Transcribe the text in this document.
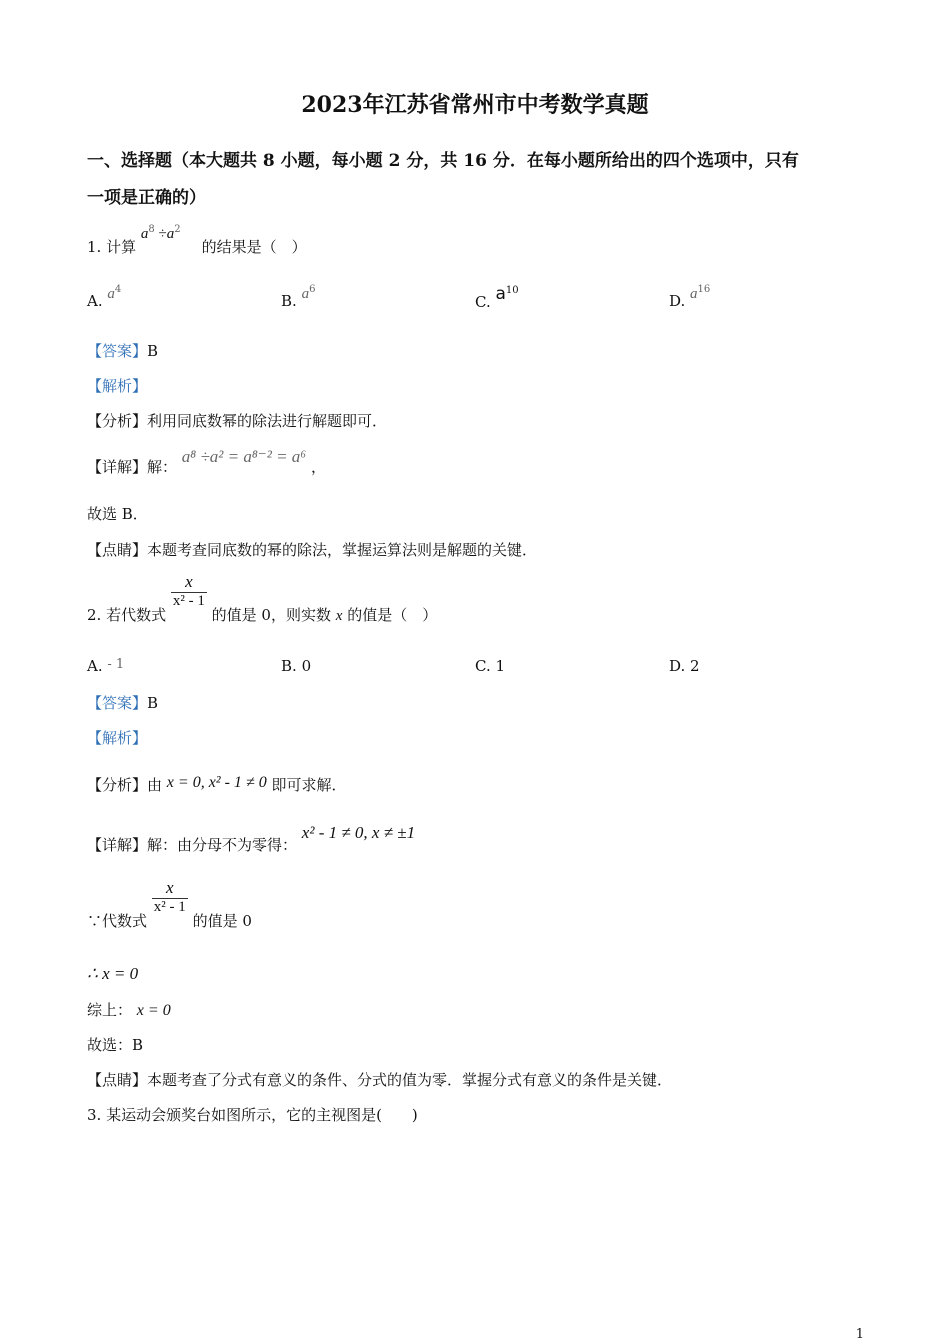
2023年江苏省常州市中考数学真题
一、选择题（本大题共 8 小题，每小题 2 分，共 16 分．在每小题所给出的四个选项中，只有
一项是正确的）
1. 计算 $a^8 \div a^2$ 的结果是（　）
A. $a^4$
B. $a^6$
C. $a^{10}$
D. $a^{16}$
【答案】B
【解析】
【分析】利用同底数幂的除法进行解题即可．
【详解】解： a⁸ ÷a² = a⁸⁻² = a⁶ ，
故选 B．
【点睛】本题考查同底数的幂的除法，掌握运算法则是解题的关键．
2. 若代数式
$\frac{x}{\text{x² - 1}}$
的值是 0，则实数 x 的值是（　）
A. - 1	B. 0	C. 1	D. 2
【答案】B
【解析】
【分析】由 x = 0, x² - 1 ≠ 0 即可求解．
【详解】解：由分母不为零得： x² - 1 ≠ 0, x ≠ ±1
∵代数式
$\frac{x}{\text{x² - 1}}$
的值是 0
∴ x = 0
综上： x = 0
故选：B
【点睛】本题考查了分式有意义的条件、分式的值为零．掌握分式有意义的条件是关键．
3. 某运动会颁奖台如图所示，它的主视图是(　　)
1
